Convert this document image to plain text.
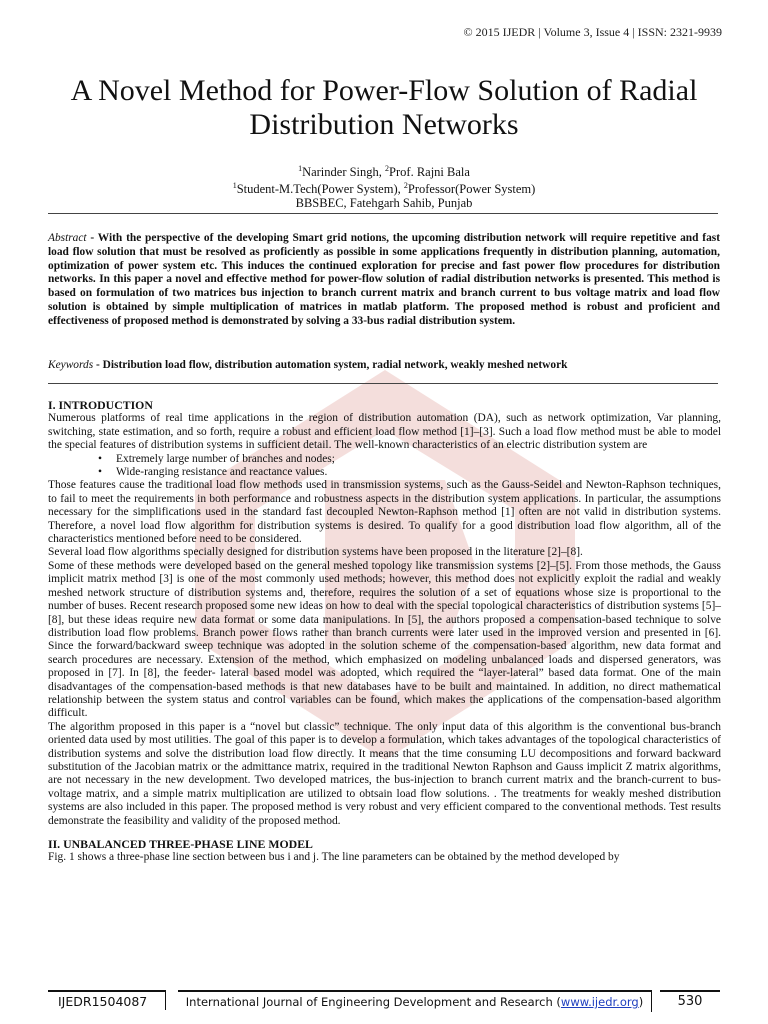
© 2015 IJEDR | Volume 3, Issue 4 | ISSN: 2321-9939
A Novel Method for Power-Flow Solution of Radial Distribution Networks
$^1$Narinder Singh, $^2$Prof. Rajni Bala
$^1$Student-M.Tech(Power System), $^2$Professor(Power System)
BBSBEC, Fatehgarh Sahib, Punjab
Abstract - With the perspective of the developing Smart grid notions, the upcoming distribution network will require repetitive and fast load flow solution that must be resolved as proficiently as possible in some applications frequently in distribution planning, automation, optimization of power system etc. This induces the continued exploration for precise and fast power flow procedures for distribution networks. In this paper a novel and effective method for power-flow solution of radial distribution networks is presented. This method is based on formulation of two matrices bus injection to branch current matrix and branch current to bus voltage matrix and load flow solution is obtained by simple multiplication of matrices in matlab platform. The proposed method is robust and proficient and effectiveness of proposed method is demonstrated by solving a 33-bus radial distribution system.
Keywords - Distribution load flow, distribution automation system, radial network, weakly meshed network
I. INTRODUCTION

Numerous platforms of real time applications in the region of distribution automation (DA), such as network optimization, Var planning, switching, state estimation, and so forth, require a robust and efficient load flow method [1]–[3]. Such a load flow method must be able to model the special features of distribution systems in sufficient detail. The well-known characteristics of an electric distribution system are

• Extremely large number of branches and nodes;
• Wide-ranging resistance and reactance values.

Those features cause the traditional load flow methods used in transmission systems, such as the Gauss-Seidel and Newton-Raphson techniques, to fail to meet the requirements in both performance and robustness aspects in the distribution system applications. In particular, the assumptions necessary for the simplifications used in the standard fast decoupled Newton-Raphson method [1] often are not valid in distribution systems. Therefore, a novel load flow algorithm for distribution systems is desired. To qualify for a good distribution load flow algorithm, all of the characteristics mentioned before need to be considered.

Several load flow algorithms specially designed for distribution systems have been proposed in the literature [2]–[8].

Some of these methods were developed based on the general meshed topology like transmission systems [2]–[5]. From those methods, the Gauss implicit matrix method [3] is one of the most commonly used methods; however, this method does not explicitly exploit the radial and weakly meshed network structure of distribution systems and, therefore, requires the solution of a set of equations whose size is proportional to the number of buses. Recent research proposed some new ideas on how to deal with the special topological characteristics of distribution systems [5]–[8], but these ideas require new data format or some data manipulations. In [5], the authors proposed a compensation-based technique to solve distribution load flow problems. Branch power flows rather than branch currents were later used in the improved version and presented in [6]. Since the forward/backward sweep technique was adopted in the solution scheme of the compensation-based algorithm, new data format and search procedures are necessary. Extension of the method, which emphasized on modeling unbalanced loads and dispersed generators, was proposed in [7]. In [8], the feeder- lateral based model was adopted, which required the “layer-lateral” based data format. One of the main disadvantages of the compensation-based methods is that new databases have to be built and maintained. In addition, no direct mathematical relationship between the system status and control variables can be found, which makes the applications of the compensation-based algorithm difficult.

The algorithm proposed in this paper is a “novel but classic” technique. The only input data of this algorithm is the conventional bus-branch oriented data used by most utilities. The goal of this paper is to develop a formulation, which takes advantages of the topological characteristics of distribution systems and solve the distribution load flow directly. It means that the time consuming LU decompositions and forward backward substitution of the Jacobian matrix or the admittance matrix, required in the traditional Newton Raphson and Gauss implicit Z matrix algorithms, are not necessary in the new development. Two developed matrices, the bus-injection to branch current matrix and the branch-current to bus-voltage matrix, and a simple matrix multiplication are utilized to obtsain load flow solutions. . The treatments for weakly meshed distribution systems are also included in this paper. The proposed method is very robust and very efficient compared to the conventional methods. Test results demonstrate the feasibility and validity of the proposed method.

II. UNBALANCED THREE-PHASE LINE MODEL

Fig. 1 shows a three-phase line section between bus i and j. The line parameters can be obtained by the method developed by

IJEDR1504087	International Journal of Engineering Development and Research (www.ijedr.org)	530
